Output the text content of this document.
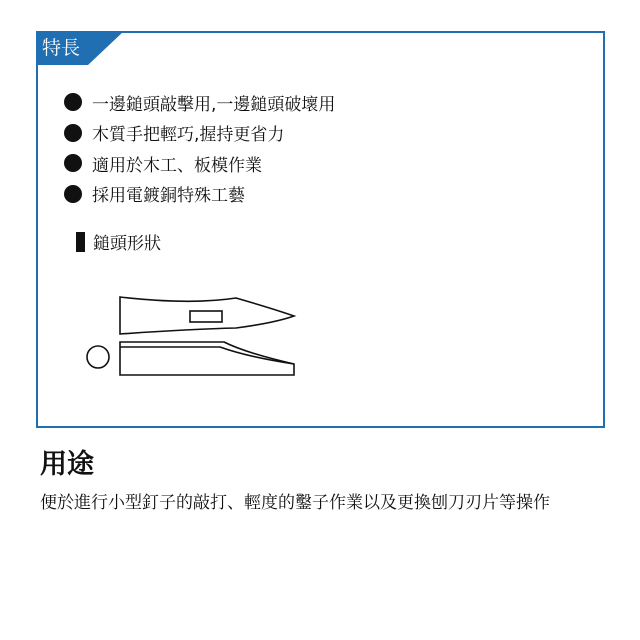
特長
一邊鎚頭敲擊用,一邊鎚頭破壞用
木質手把輕巧,握持更省力
適用於木工、板模作業
採用電鍍銅特殊工藝
鎚頭形狀
用途

便於進行小型釘子的敲打、輕度的鑿子作業以及更換刨刀刃片等操作
